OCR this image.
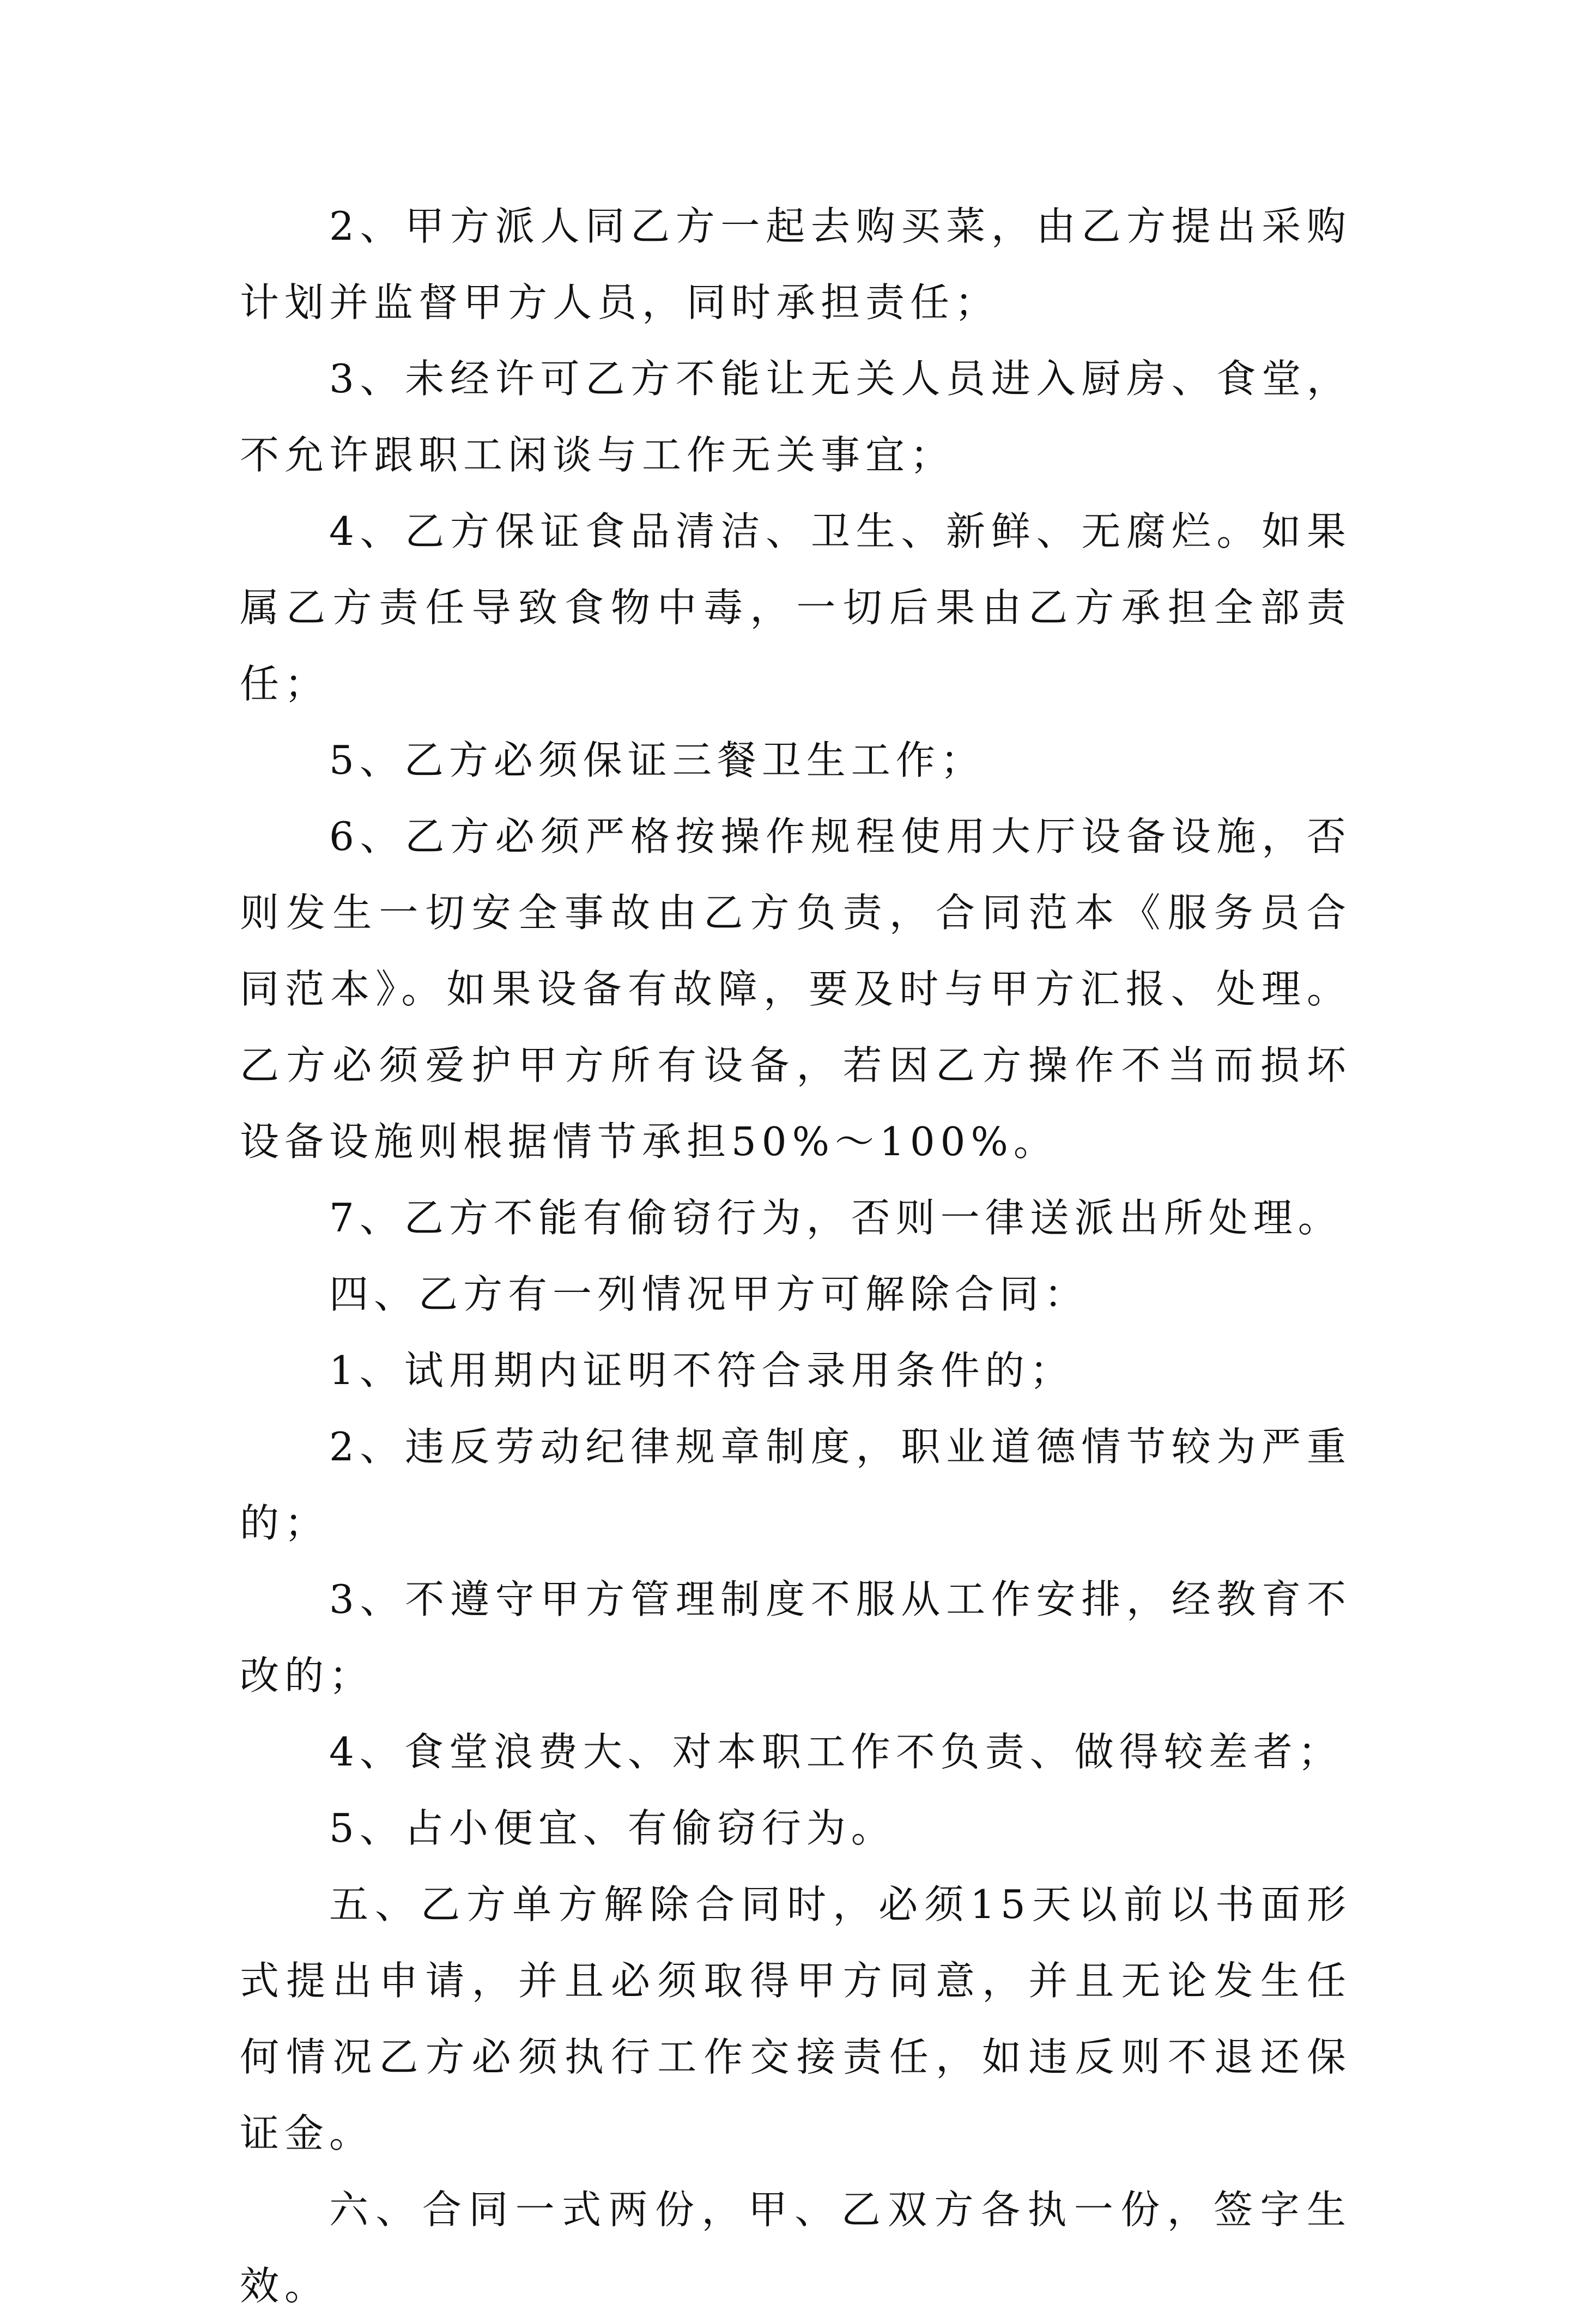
2、甲方派人同乙方一起去购买菜，由乙方提出采购计划并监督甲方人员，同时承担责任；

3、未经许可乙方不能让无关人员进入厨房、食堂，不允许跟职工闲谈与工作无关事宜；

4、乙方保证食品清洁、卫生、新鲜、无腐烂。如果属乙方责任导致食物中毒，一切后果由乙方承担全部责任；

5、乙方必须保证三餐卫生工作；

6、乙方必须严格按操作规程使用大厅设备设施，否则发生一切安全事故由乙方负责，合同范本《服务员合同范本》。如果设备有故障，要及时与甲方汇报、处理。乙方必须爱护甲方所有设备，若因乙方操作不当而损坏设备设施则根据情节承担50%～100%。

7、乙方不能有偷窃行为，否则一律送派出所处理。

四、乙方有一列情况甲方可解除合同：

1、试用期内证明不符合录用条件的；

2、违反劳动纪律规章制度，职业道德情节较为严重的；

3、不遵守甲方管理制度不服从工作安排，经教育不改的；

4、食堂浪费大、对本职工作不负责、做得较差者；

5、占小便宜、有偷窃行为。

五、乙方单方解除合同时，必须15天以前以书面形式提出申请，并且必须取得甲方同意，并且无论发生任何情况乙方必须执行工作交接责任，如违反则不退还保证金。

六、合同一式两份，甲、乙双方各执一份，签字生效。
